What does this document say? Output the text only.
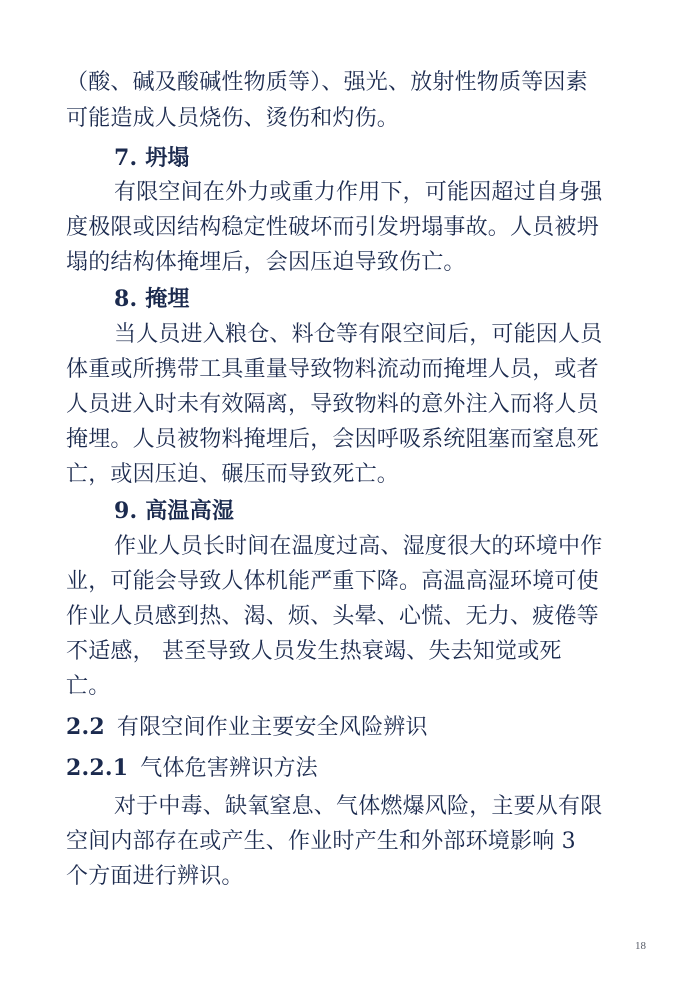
（酸、碱及酸碱性物质等）、强光、放射性物质等因素
可能造成人员烧伤、烫伤和灼伤。
7. 坍塌
有限空间在外力或重力作用下，可能因超过自身强
度极限或因结构稳定性破坏而引发坍塌事故。人员被坍
塌的结构体掩埋后，会因压迫导致伤亡。
8. 掩埋
当人员进入粮仓、料仓等有限空间后，可能因人员
体重或所携带工具重量导致物料流动而掩埋人员，或者
人员进入时未有效隔离，导致物料的意外注入而将人员
掩埋。人员被物料掩埋后，会因呼吸系统阻塞而窒息死
亡，或因压迫、碾压而导致死亡。
9. 高温高湿
作业人员长时间在温度过高、湿度很大的环境中作
业，可能会导致人体机能严重下降。高温高湿环境可使
作业人员感到热、渴、烦、头晕、心慌、无力、疲倦等
不适感， 甚至导致人员发生热衰竭、失去知觉或死
亡。
2.2 有限空间作业主要安全风险辨识
2.2.1 气体危害辨识方法
对于中毒、缺氧窒息、气体燃爆风险，主要从有限
空间内部存在或产生、作业时产生和外部环境影响 3
个方面进行辨识。
18
